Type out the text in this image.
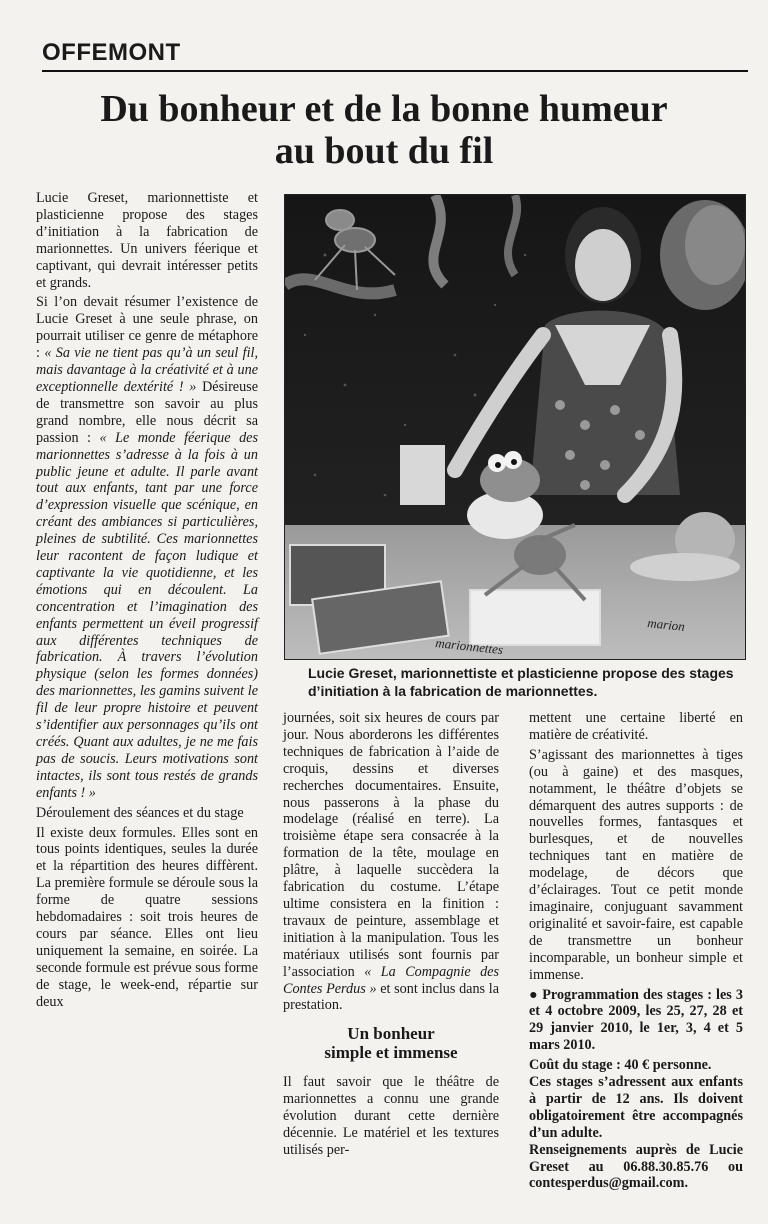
OFFEMONT
Du bonheur et de la bonne humeur
au bout du fil

Lucie Greset, marionnettiste et plasticienne propose des stages d’initiation à la fabrication de marionnettes. Un univers féerique et captivant, qui devrait intéresser petits et grands.

Si l’on devait résumer l’existence de Lucie Greset à une seule phrase, on pourrait utiliser ce genre de métaphore : « Sa vie ne tient pas qu’à un seul fil, mais davantage à la créativité et à une exceptionnelle dextérité ! » Désireuse de transmettre son savoir au plus grand nombre, elle nous décrit sa passion : « Le monde féerique des marionnettes s’adresse à la fois à un public jeune et adulte. Il parle avant tout aux enfants, tant par une force d’expression visuelle que scénique, en créant des ambiances si particulières, pleines de subtilité. Ces marionnettes leur racontent de façon ludique et captivante la vie quotidienne, et les émotions qui en découlent. La concentration et l’imagination des enfants permettent un éveil progressif aux différentes techniques de fabrication. À travers l’évolution physique (selon les formes données) des marionnettes, les gamins suivent le fil de leur propre histoire et peuvent s’identifier aux personnages qu’ils ont créés. Quant aux adultes, je ne me fais pas de soucis. Leurs motivations sont intactes, ils sont tous restés de grands enfants ! »

Déroulement des séances et du stage

Il existe deux formules. Elles sont en tous points identiques, seules la durée et la répartition des heures diffèrent. La première formule se déroule sous la forme de quatre sessions hebdomadaires : soit trois heures de cours par séance. Elles ont lieu uniquement la semaine, en soirée. La seconde formule est prévue sous forme de stage, le week-end, répartie sur deux

marionnettes
marion
Lucie Greset, marionnettiste et plasticienne propose des stages d’initiation à la fabrication de marionnettes.

journées, soit six heures de cours par jour. Nous aborderons les différentes techniques de fabrication à l’aide de croquis, dessins et diverses recherches documentaires. Ensuite, nous passerons à la phase du modelage (réalisé en terre). La troisième étape sera consacrée à la formation de la tête, moulage en plâtre, à laquelle succèdera la fabrication du costume. L’étape ultime consistera en la finition : travaux de peinture, assemblage et initiation à la manipulation. Tous les matériaux utilisés sont fournis par l’association « La Compagnie des Contes Perdus » et sont inclus dans la prestation.

Un bonheur
simple et immense

Il faut savoir que le théâtre de marionnettes a connu une grande évolution durant cette dernière décennie. Le matériel et les textures utilisés per-

mettent une certaine liberté en matière de créativité.

S’agissant des marionnettes à tiges (ou à gaine) et des masques, notamment, le théâtre d’objets se démarquent des autres supports : de nouvelles formes, fantasques et burlesques, et de nouvelles techniques tant en matière de modelage, de décors que d’éclairages. Tout ce petit monde imaginaire, conjuguant savamment originalité et savoir-faire, est capable de transmettre un bonheur incomparable, un bonheur simple et immense.

● Programmation des stages : les 3 et 4 octobre 2009, les 25, 27, 28 et 29 janvier 2010, le 1er, 3, 4 et 5 mars 2010.

Coût du stage : 40 € personne.

Ces stages s’adressent aux enfants à partir de 12 ans. Ils doivent obligatoirement être accompagnés d’un adulte.

Renseignements auprès de Lucie Greset au 06.88.30.85.76 ou contesperdus@gmail.com.
